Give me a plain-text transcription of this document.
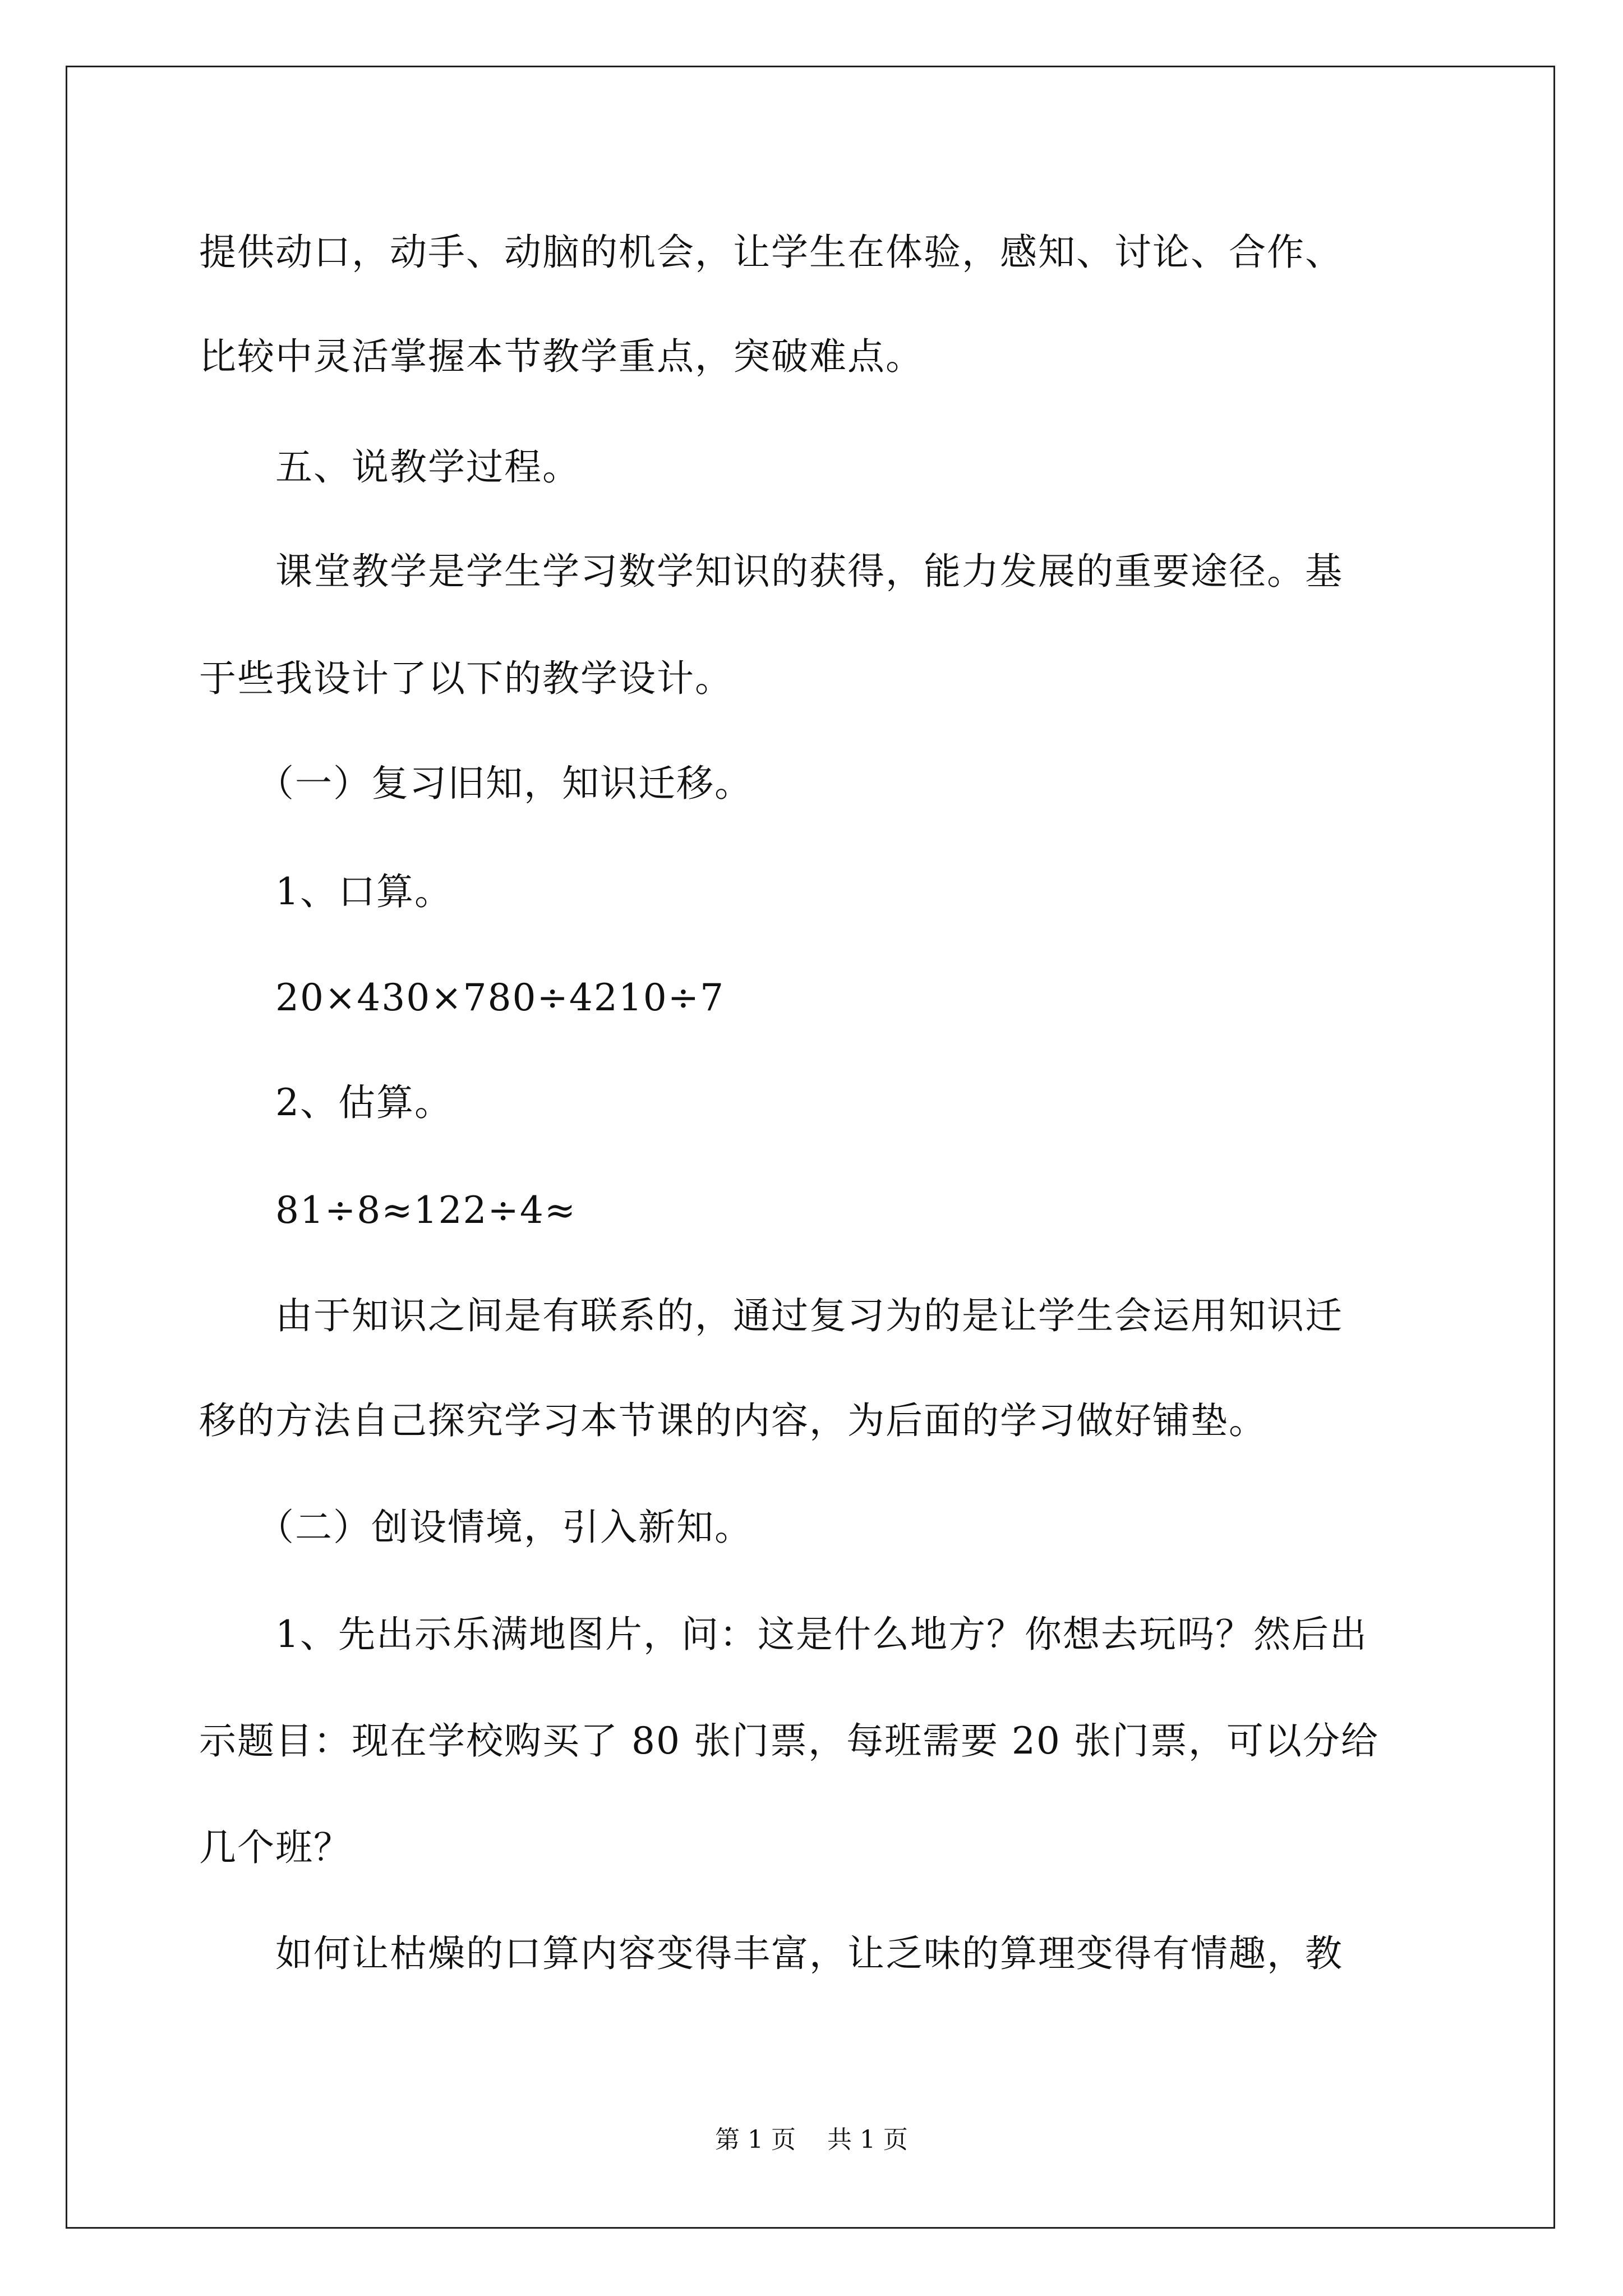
提供动口，动手、动脑的机会，让学生在体验，感知、讨论、合作、
比较中灵活掌握本节教学重点，突破难点。
　　五、说教学过程。
　　课堂教学是学生学习数学知识的获得，能力发展的重要途径。基
于些我设计了以下的教学设计。
　　（一）复习旧知，知识迁移。
　　1、口算。
　　20×430×780÷4210÷7
　　2、估算。
　　81÷8≈122÷4≈
　　由于知识之间是有联系的，通过复习为的是让学生会运用知识迁
移的方法自己探究学习本节课的内容，为后面的学习做好铺垫。
　　（二）创设情境，引入新知。
　　1、先出示乐满地图片，问：这是什么地方？你想去玩吗？然后出
示题目：现在学校购买了 80 张门票，每班需要 20 张门票，可以分给
几个班？
　　如何让枯燥的口算内容变得丰富，让乏味的算理变得有情趣，教
第 1 页    共 1 页
